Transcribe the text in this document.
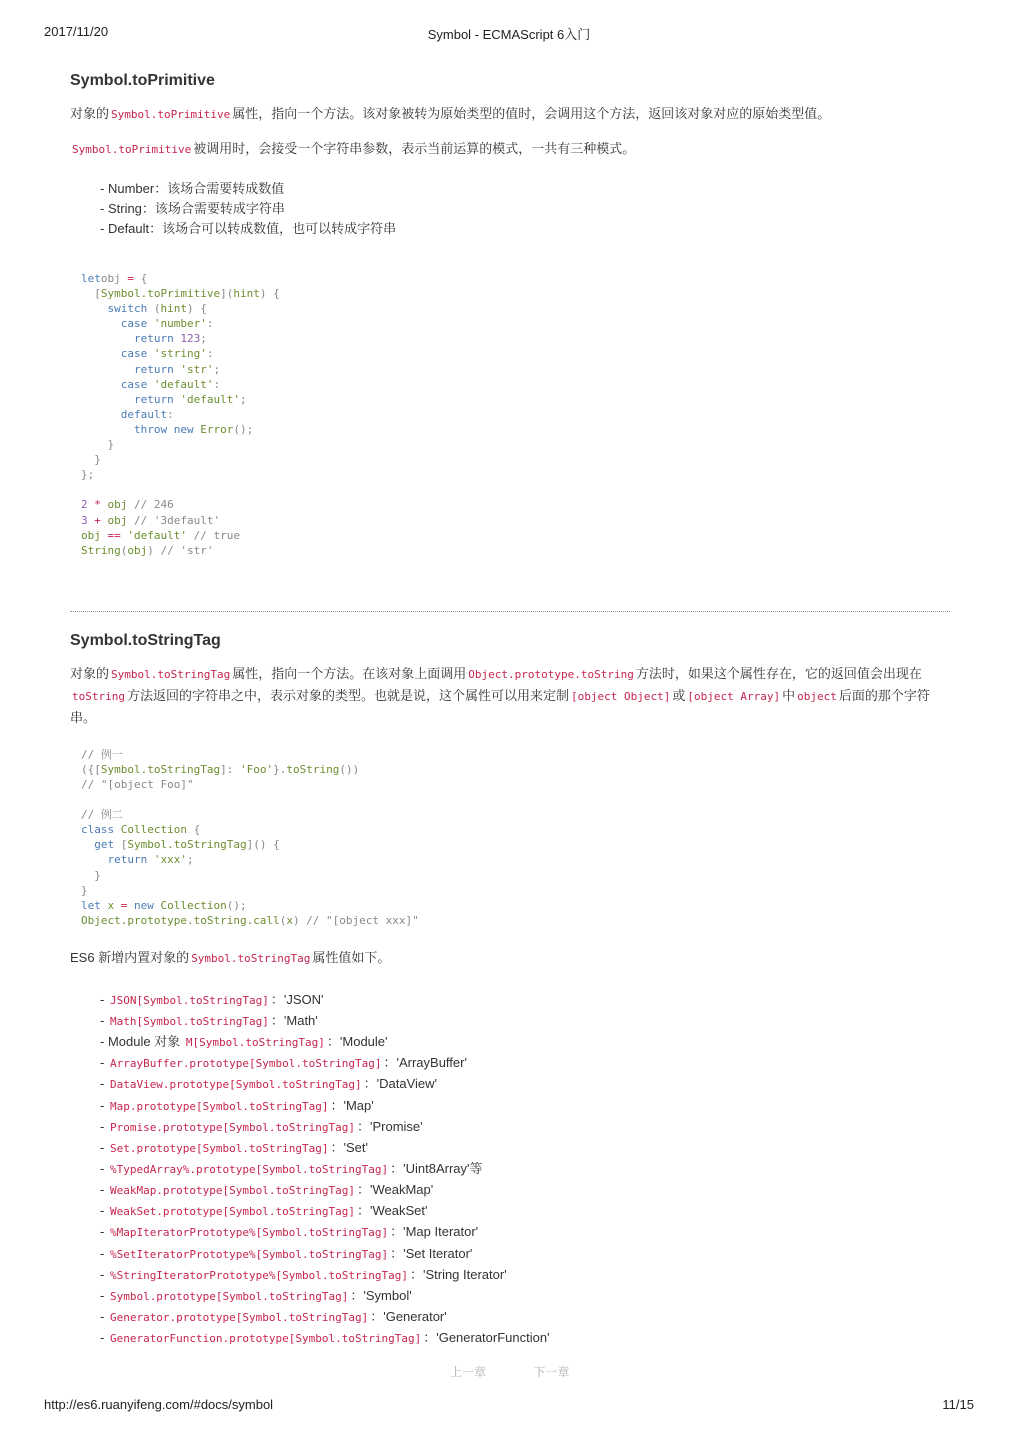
2017/11/20	Symbol - ECMAScript 6入门
Symbol.toPrimitive

对象的 Symbol.toPrimitive 属性，指向一个方法。该对象被转为原始类型的值时，会调用这个方法，返回该对象对应的原始类型值。

Symbol.toPrimitive 被调用时，会接受一个字符串参数，表示当前运算的模式，一共有三种模式。

- Number：该场合需要转成数值
- String：该场合需要转成字符串
- Default：该场合可以转成数值，也可以转成字符串
letobj = {
[Symbol.toPrimitive](hint) {
switch (hint) {
case 'number':
return 123;
case 'string':
return 'str';
case 'default':
return 'default';
default:
throw new Error();
}
}
};

2 * obj // 246
3 + obj // '3default'
obj == 'default' // true
String(obj) // 'str'
Symbol.toStringTag

对象的 Symbol.toStringTag 属性，指向一个方法。在该对象上面调用 Object.prototype.toString 方法时，如果这个属性存在，它的返回值会出现在toString 方法返回的字符串之中，表示对象的类型。也就是说，这个属性可以用来定制 [object Object] 或 [object Array] 中 object 后面的那个字符串。

// 例一
({[Symbol.toStringTag]: 'Foo'}.toString())
// "[object Foo]"

// 例二
class Collection {
get [Symbol.toStringTag]() {
return 'xxx';
}
}
let x = new Collection();
Object.prototype.toString.call(x) // "[object xxx]"

ES6 新增内置对象的 Symbol.toStringTag 属性值如下。

- JSON[Symbol.toStringTag] ：'JSON'
- Math[Symbol.toStringTag] ：'Math'
- Module 对象 M[Symbol.toStringTag] ：'Module'
- ArrayBuffer.prototype[Symbol.toStringTag] ：'ArrayBuffer'
- DataView.prototype[Symbol.toStringTag] ：'DataView'
- Map.prototype[Symbol.toStringTag] ：'Map'
- Promise.prototype[Symbol.toStringTag] ：'Promise'
- Set.prototype[Symbol.toStringTag] ：'Set'
- %TypedArray%.prototype[Symbol.toStringTag] ：'Uint8Array'等
- WeakMap.prototype[Symbol.toStringTag] ：'WeakMap'
- WeakSet.prototype[Symbol.toStringTag] ：'WeakSet'
- %MapIteratorPrototype%[Symbol.toStringTag] ：'Map Iterator'
- %SetIteratorPrototype%[Symbol.toStringTag] ：'Set Iterator'
- %StringIteratorPrototype%[Symbol.toStringTag] ：'String Iterator'
- Symbol.prototype[Symbol.toStringTag] ：'Symbol'
- Generator.prototype[Symbol.toStringTag] ：'Generator'
- GeneratorFunction.prototype[Symbol.toStringTag] ：'GeneratorFunction'
上一章	下一章
http://es6.ruanyifeng.com/#docs/symbol	11/15
